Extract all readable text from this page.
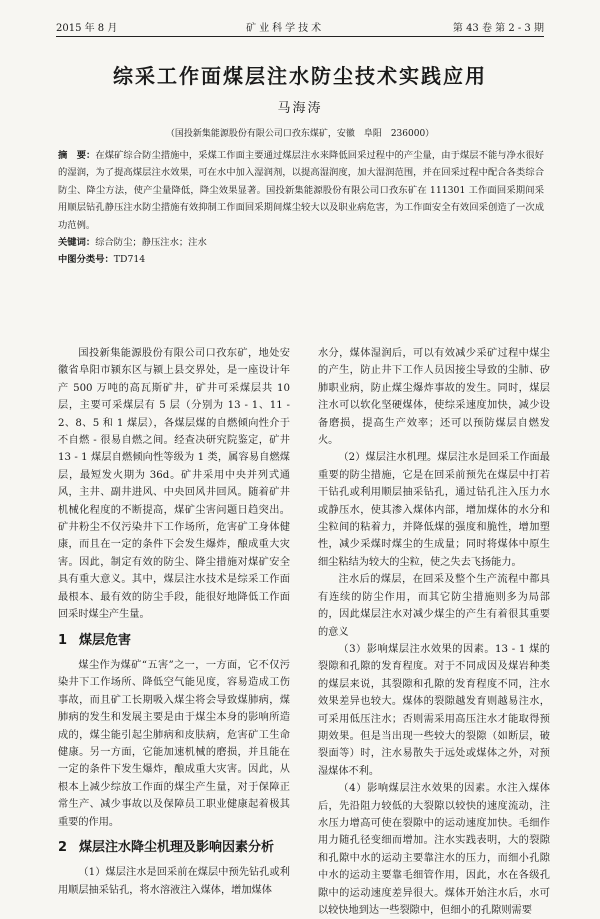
2015 年 8 月	矿业科学技术	第 43 卷 第 2 - 3 期
综采工作面煤层注水防尘技术实践应用
马海涛
（国投新集能源股份有限公司口孜东煤矿，安徽　阜阳　236000）

摘　要：在煤矿综合防尘措施中，采煤工作面主要通过煤层注水来降低回采过程中的产尘量，由于煤层不能与净水很好的湿润，为了提高煤层注水效果，可在水中加入湿润剂，以提高湿润度，加大湿润范围，并在回采过程中配合各类综合防尘、降尘方法，使产尘量降低，降尘效果显著。国投新集能源股份有限公司口孜东矿在 111301 工作面回采期间采用顺层钻孔静压注水防尘措施有效抑制工作面回采期间煤尘较大以及职业病危害，为工作面安全有效回采创造了一次成功范例。

关键词：综合防尘；静压注水；注水

中图分类号：TD714

国投新集能源股份有限公司口孜东矿，地处安徽省阜阳市颍东区与颍上县交界处，是一座设计年产 500 万吨的高瓦斯矿井，矿井可采煤层共 10 层，主要可采煤层有 5 层（分别为 13 - 1、11 - 2、8、5 和 1 煤层），各煤层煤的自燃倾向性介于不自燃 - 很易自燃之间。经查决研究院鉴定，矿井 13 - 1 煤层自燃倾向性等级为 1 类，属容易自燃煤层，最短发火期为 36d。矿井采用中央并列式通风，主井、副井进风、中央回风井回风。随着矿井机械化程度的不断提高，煤矿尘害问题日趋突出。矿井粉尘不仅污染井下工作场所，危害矿工身体健康，而且在一定的条件下会发生爆炸，酿成重大灾害。因此，制定有效的防尘、降尘措施对煤矿安全具有重大意义。其中，煤层注水技术是综采工作面最根本、最有效的防尘手段，能很好地降低工作面回采时煤尘产生量。

1 煤层危害

煤尘作为煤矿“五害”之一，一方面，它不仅污染井下工作场所、降低空气能见度，容易造成工伤事故，而且矿工长期吸入煤尘将会导致煤肺病，煤肺病的发生和发展主要是由于煤尘本身的影响所造成的，煤尘能引起尘肺病和皮肤病，危害矿工生命健康。另一方面，它能加速机械的磨损，并且能在一定的条件下发生爆炸，酿成重大灾害。因此，从根本上减少综放工作面的煤尘产生量，对于保障正常生产、减少事故以及保障员工职业健康起着极其重要的作用。

2 煤层注水降尘机理及影响因素分析

（1）煤层注水是回采前在煤层中预先钻孔或利用顺层抽采钻孔，将水溶液注入煤体，增加煤体

水分，煤体湿润后，可以有效减少采矿过程中煤尘的产生，防止井下工作人员因接尘导致的尘肺、矽肺职业病，防止煤尘爆炸事故的发生。同时，煤层注水可以软化坚硬煤体，使综采速度加快，减少设备磨损，提高生产效率；还可以预防煤层自燃发火。

（2）煤层注水机理。煤层注水是回采工作面最重要的防尘措施，它是在回采前预先在煤层中打若干钻孔或利用顺层抽采钻孔，通过钻孔注入压力水或静压水，使其渗入煤体内部，增加煤体的水分和尘粒间的粘着力，并降低煤的强度和脆性，增加塑性，减少采煤时煤尘的生成量；同时将煤体中原生细尘粘结为较大的尘粒，使之失去飞扬能力。

注水后的煤层，在回采及整个生产流程中都具有连续的防尘作用，而其它防尘措施则多为局部的，因此煤层注水对减少煤尘的产生有着很其重要的意义

（3）影响煤层注水效果的因素。13 - 1 煤的裂隙和孔隙的发育程度。对于不同成因及煤岩种类的煤层来说，其裂隙和孔隙的发育程度不同，注水效果差异也较大。煤体的裂隙越发育则越易注水，可采用低压注水；否则需采用高压注水才能取得预期效果。但是当出现一些较大的裂隙（如断层，破裂面等）时，注水易散失于远处或煤体之外，对预湿煤体不利。

（4）影响煤层注水效果的因素。水注入煤体后，先沿阻力较低的大裂隙以较快的速度流动，注水压力增高可使在裂隙中的运动速度加快。毛细作用力随孔径变细而增加。注水实践表明，大的裂隙和孔隙中水的运动主要靠注水的压力，而细小孔隙中水的运动主要靠毛细管作用，因此，水在各级孔隙中的运动速度差异很大。煤体开始注水后，水可以较快地到达一些裂隙中，但细小的孔隙则需要
